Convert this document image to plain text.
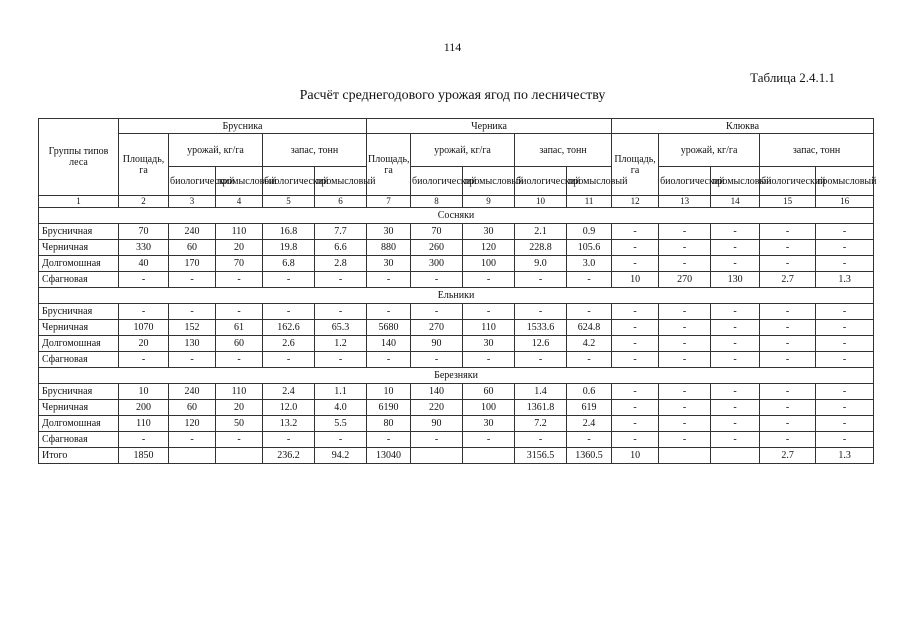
114
Таблица 2.4.1.1
Расчёт среднегодового урожая ягод по лесничеству
Группы типов леса	Брусника					Черника					Клюква				
	Площадь, га	урожай, кг/га		запас, тонн		Площадь, га	урожай, кг/га		запас, тонн		Площадь, га	урожай, кг/га		запас, тонн	
		биологический	промысловый	биологический	промысловый		биологический	промысловый	биологический	промысловый		биологический	промысловый	биологический	промысловый
1	2	3	4	5	6	7	8	9	10	11	12	13	14	15	16
Сосняки															
Брусничная	70	240	110	16.8	7.7	30	70	30	2.1	0.9	-	-	-	-	-
Черничная	330	60	20	19.8	6.6	880	260	120	228.8	105.6	-	-	-	-	-
Долгомошная	40	170	70	6.8	2.8	30	300	100	9.0	3.0	-	-	-	-	-
Сфагновая	-	-	-	-	-	-	-	-	-	-	10	270	130	2.7	1.3
Ельники															
Брусничная	-	-	-	-	-	-	-	-	-	-	-	-	-	-	-
Черничная	1070	152	61	162.6	65.3	5680	270	110	1533.6	624.8	-	-	-	-	-
Долгомошная	20	130	60	2.6	1.2	140	90	30	12.6	4.2	-	-	-	-	-
Сфагновая	-	-	-	-	-	-	-	-	-	-	-	-	-	-	-
Березняки															
Брусничная	10	240	110	2.4	1.1	10	140	60	1.4	0.6	-	-	-	-	-
Черничная	200	60	20	12.0	4.0	6190	220	100	1361.8	619	-	-	-	-	-
Долгомошная	110	120	50	13.2	5.5	80	90	30	7.2	2.4	-	-	-	-	-
Сфагновая	-	-	-	-	-	-	-	-	-	-	-	-	-	-	-
Итого	1850			236.2	94.2	13040			3156.5	1360.5	10			2.7	1.3
